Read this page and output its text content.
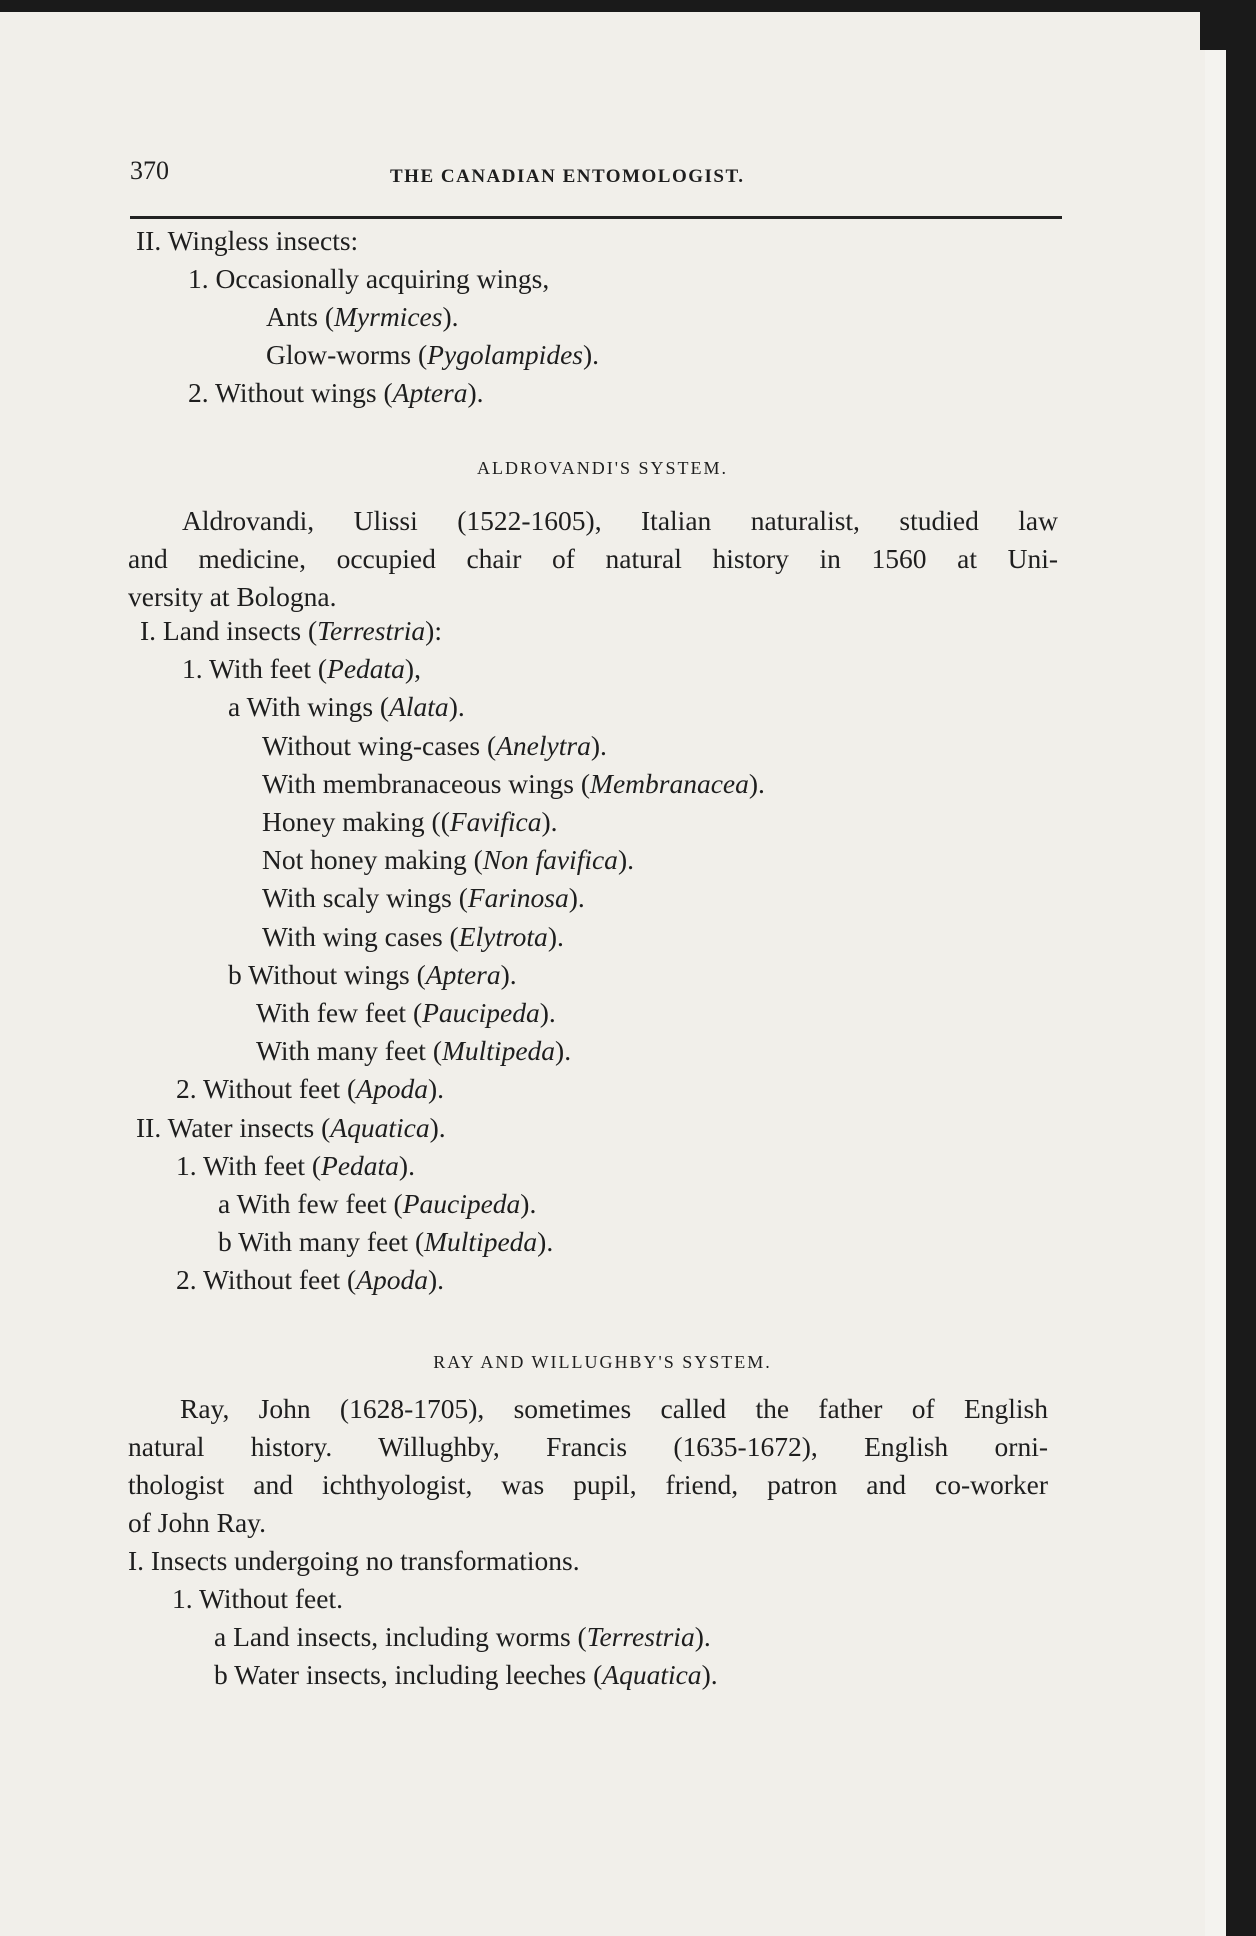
370	THE CANADIAN ENTOMOLOGIST.
II. Wingless insects:
1. Occasionally acquiring wings,
Ants (Myrmices).
Glow-worms (Pygolampides).
2. Without wings (Aptera).
ALDROVANDI'S SYSTEM.
Aldrovandi, Ulissi (1522-1605), Italian naturalist, studied law
and medicine, occupied chair of natural history in 1560 at Uni-
versity at Bologna.
I. Land insects (Terrestria):
1. With feet (Pedata),
a With wings (Alata).
Without wing-cases (Anelytra).
With membranaceous wings (Membranacea).
Honey making ((Favifica).
Not honey making (Non favifica).
With scaly wings (Farinosa).
With wing cases (Elytrota).
b Without wings (Aptera).
With few feet (Paucipeda).
With many feet (Multipeda).
2. Without feet (Apoda).
II. Water insects (Aquatica).
1. With feet (Pedata).
a With few feet (Paucipeda).
b With many feet (Multipeda).
2. Without feet (Apoda).
RAY AND WILLUGHBY'S SYSTEM.
Ray, John (1628-1705), sometimes called the father of English
natural history. Willughby, Francis (1635-1672), English orni-
thologist and ichthyologist, was pupil, friend, patron and co-worker
of John Ray.
I. Insects undergoing no transformations.
1. Without feet.
a Land insects, including worms (Terrestria).
b Water insects, including leeches (Aquatica).
